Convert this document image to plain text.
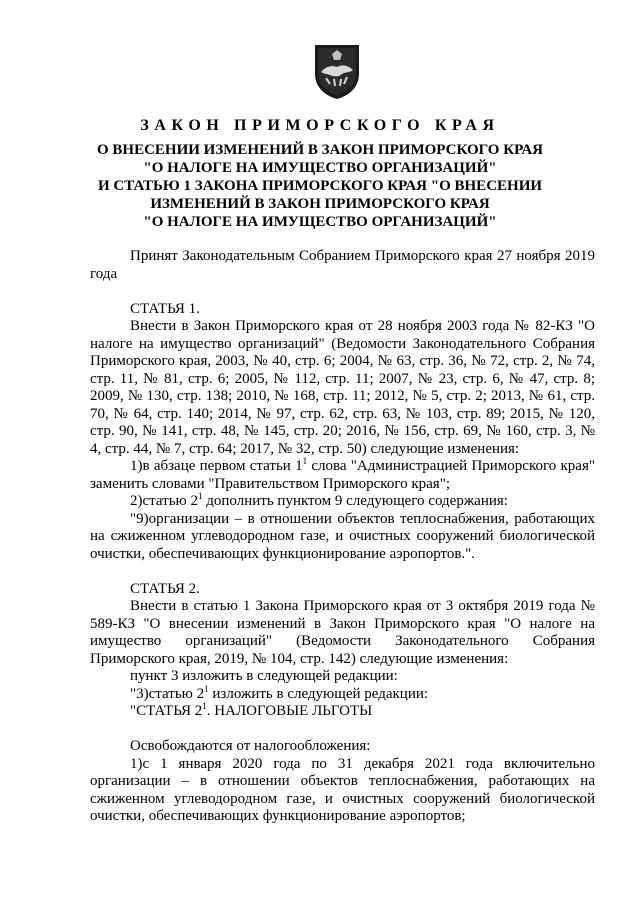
ЗАКОН ПРИМОРСКОГО КРАЯ
О ВНЕСЕНИИ ИЗМЕНЕНИЙ В ЗАКОН ПРИМОРСКОГО КРАЯ
"О НАЛОГЕ НА ИМУЩЕСТВО ОРГАНИЗАЦИЙ"
И СТАТЬЮ 1 ЗАКОНА ПРИМОРСКОГО КРАЯ "О ВНЕСЕНИИ
ИЗМЕНЕНИЙ В ЗАКОН ПРИМОРСКОГО КРАЯ
"О НАЛОГЕ НА ИМУЩЕСТВО ОРГАНИЗАЦИЙ"

Принят Законодательным Собранием Приморского края 27 ноября 2019 года

СТАТЬЯ 1.

Внести в Закон Приморского края от 28 ноября 2003 года № 82-КЗ "О налоге на имущество организаций" (Ведомости Законодательного Собрания Приморского края, 2003, № 40, стр. 6; 2004, № 63, стр. 36, № 72, стр. 2, № 74, стр. 11, № 81, стр. 6; 2005, № 112, стр. 11; 2007, № 23, стр. 6, № 47, стр. 8; 2009, № 130, стр. 138; 2010, № 168, стр. 11; 2012, № 5, стр. 2; 2013, № 61, стр. 70, № 64, стр. 140; 2014, № 97, стр. 62, стр. 63, № 103, стр. 89; 2015, № 120, стр. 90, № 141, стр. 48, № 145, стр. 20; 2016, № 156, стр. 69, № 160, стр. 3, № 4, стр. 44, № 7, стр. 64; 2017, № 32, стр. 50) следующие изменения:

1)в абзаце первом статьи $1^1$ слова "Администрацией Приморского края" заменить словами "Правительством Приморского края";

2)статью $2^1$ дополнить пунктом 9 следующего содержания:

"9)организации – в отношении объектов теплоснабжения, работающих на сжиженном углеводородном газе, и очистных сооружений биологической очистки, обеспечивающих функционирование аэропортов.".

СТАТЬЯ 2.

Внести в статью 1 Закона Приморского края от 3 октября 2019 года № 589-КЗ "О внесении изменений в Закон Приморского края "О налоге на имущество организаций" (Ведомости Законодательного Собрания Приморского края, 2019, № 104, стр. 142) следующие изменения:

пункт 3 изложить в следующей редакции:

"3)статью $2^1$ изложить в следующей редакции:

"СТАТЬЯ $2^1$. НАЛОГОВЫЕ ЛЬГОТЫ

Освобождаются от налогообложения:

1)с 1 января 2020 года по 31 декабря 2021 года включительно организации – в отношении объектов теплоснабжения, работающих на сжиженном углеводородном газе, и очистных сооружений биологической очистки, обеспечивающих функционирование аэропортов;
